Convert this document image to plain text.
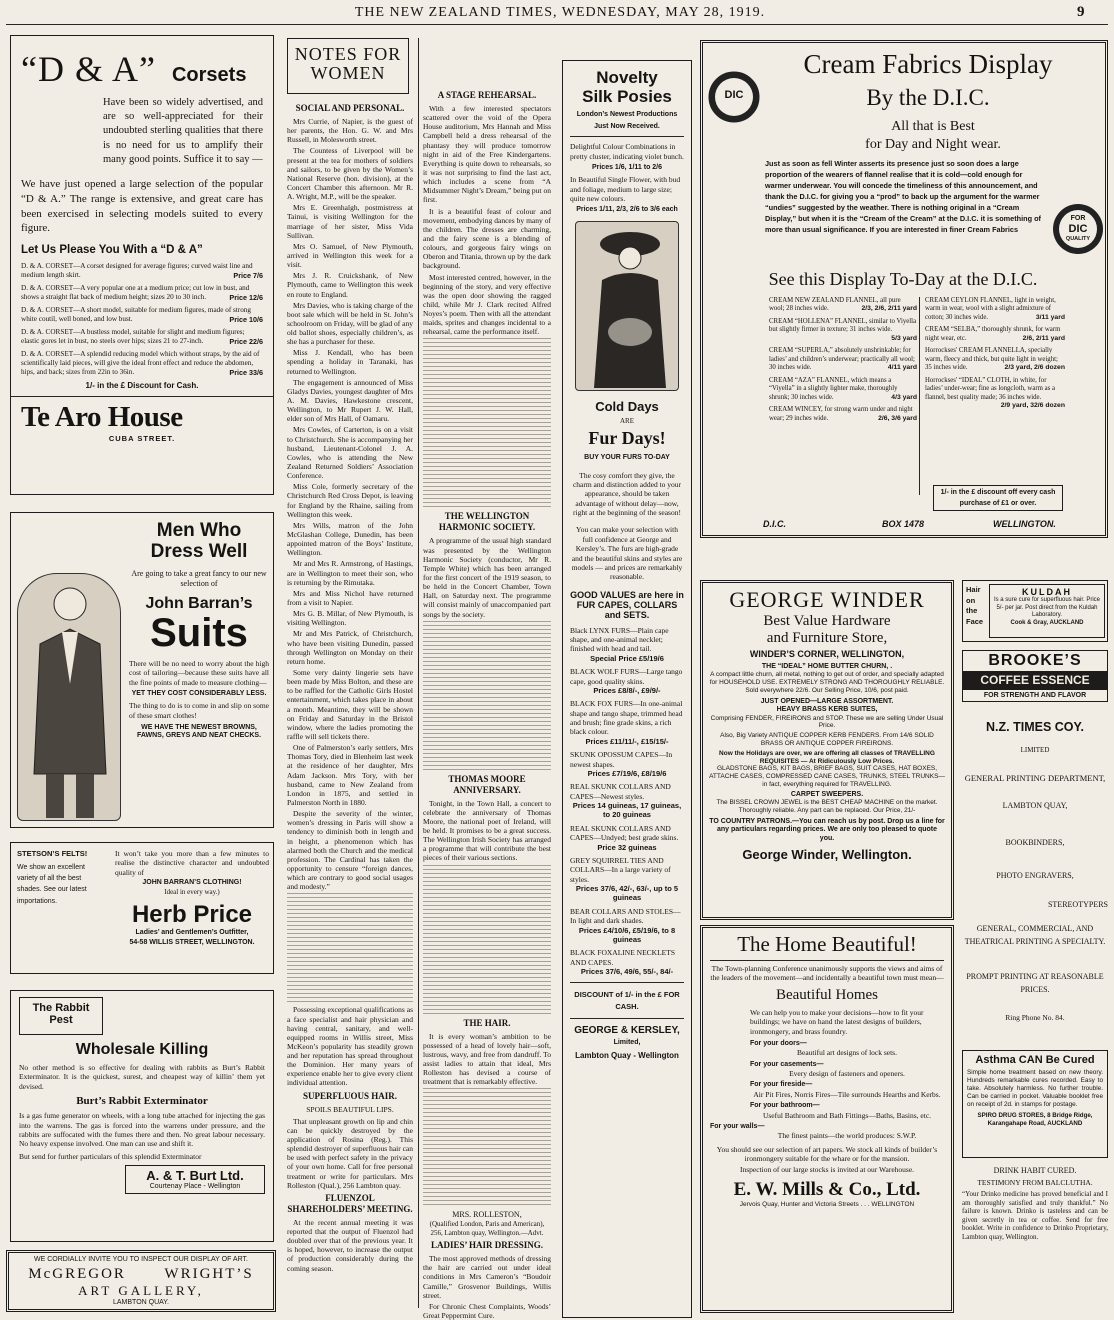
THE NEW ZEALAND TIMES, WEDNESDAY, MAY 28, 1919.	9
“D & A” Corsets
Have been so widely advertised, and are so well-appreciated for their undoubted sterling qualities that there is no need for us to amplify their many good points. Suffice it to say —
We have just opened a large selection of the popular “D & A.” The range is extensive, and great care has been exercised in selecting models suited to every figure.
Let Us Please You With a “D & A”
D. & A. CORSET—A corset designed for average figures; curved waist line and medium length skirt.	Price 7/6
D. & A. CORSET—A very popular one at a medium price; cut low in bust, and shows a straight flat back of medium height; sizes 20 to 30 inch.	Price 12/6
D. & A. CORSET—A short model, suitable for medium figures, made of strong white coutil, well boned, and low bust.	Price 10/6
D. & A. CORSET—A bustless model, suitable for slight and medium figures; elastic gores let in bust, no steels over hips; sizes 21 to 27-inch.	Price 22/6
D. & A. CORSET—A splendid reducing model which without straps, by the aid of scientifically laid pieces, will give the ideal front effect and reduce the abdomen, hips, and back; sizes from 22in to 36in.	Price 33/6
1/- in the £ Discount for Cash.
Te Aro House
CUBA STREET.
Men Who
Dress Well
Are going to take a great fancy to our new selection of
John Barran’s
Suits
There will be no need to worry about the high cost of tailoring—because these suits have all the fine points of made to measure clothing—
YET THEY COST CONSIDERABLY LESS.
The thing to do is to come in and slip on some of these smart clothes!
WE HAVE THE NEWEST BROWNS, FAWNS, GREYS AND NEAT CHECKS.
STETSON’S FELTS!
We show an excellent variety of all the best shades. See our latest importations.
It won’t take you more than a few minutes to realise the distinctive character and undoubted quality of
JOHN BARRAN’S CLOTHING!
Ideal in every way.)
Herb Price
Ladies’ and Gentlemen’s Outfitter,
54-58 WILLIS STREET, WELLINGTON.
The Rabbit
Pest
Wholesale Killing
No other method is so effective for dealing with rabbits as Burt’s Rabbit Exterminator. It is the quickest, surest, and cheapest way of killin’ them yet devised.
Burt’s Rabbit Exterminator
Is a gas fume generator on wheels, with a long tube attached for injecting the gas into the warrens. The gas is forced into the warrens under pressure, and the rabbits are suffocated with the fumes there and then. No great labour necessary. No heavy expense involved. One man can use and shift it.
But send for further particulars of this splendid Exterminator
A. & T. Burt Ltd.
Courtenay Place - Wellington
WE CORDIALLY INVITE YOU TO INSPECT OUR DISPLAY OF ART.
McGREGOR	WRIGHT’S
ART GALLERY,
LAMBTON QUAY.
NOTES FOR WOMEN
SOCIAL AND PERSONAL.

Mrs Currie, of Napier, is the guest of her parents, the Hon. G. W. and Mrs Russell, in Molesworth street.

The Countess of Liverpool will be present at the tea for mothers of soldiers and sailors, to be given by the Women’s National Reserve (hon. division), at the Concert Chamber this afternoon. Mr R. A. Wright, M.P., will be the speaker.

Mrs E. Greenhalgh, postmistress at Tainui, is visiting Wellington for the marriage of her sister, Miss Vida Sullivan.

Mrs O. Samuel, of New Plymouth, arrived in Wellington this week for a visit.

Mrs J. R. Cruickshank, of New Plymouth, came to Wellington this week en route to England.

Mrs Davies, who is taking charge of the boot sale which will be held in St. John’s schoolroom on Friday, will be glad of any old ballot shoes, especially children’s, as she has a purchaser for these.

Miss J. Kendall, who has been spending a holiday in Taranaki, has returned to Wellington.

The engagement is announced of Miss Gladys Davies, youngest daughter of Mrs A. M. Davies, Hawkestone crescent, Wellington, to Mr Rupert J. W. Hall, elder son of Mrs Hall, of Oamaru.

Mrs Cowles, of Carterton, is on a visit to Christchurch. She is accompanying her husband, Lieutenant-Colonel J. A. Cowles, who is attending the New Zealand Returned Soldiers’ Association Conference.

Miss Cole, formerly secretary of the Christchurch Red Cross Depot, is leaving for England by the Rhaine, sailing from Wellington this week.

Mrs Wills, matron of the John McGlashan College, Dunedin, has been appointed matron of the Boys’ Institute, Wellington.

Mr and Mrs R. Armstrong, of Hastings, are in Wellington to meet their son, who is returning by the Rimutaka.

Mrs and Miss Nichol have returned from a visit to Napier.

Mrs G. B. Millar, of New Plymouth, is visiting Wellington.

Mr and Mrs Patrick, of Christchurch, who have been visiting Dunedin, passed through Wellington on Monday on their return home.

Some very dainty lingerie sets have been made by Miss Bolton, and these are to be raffled for the Catholic Girls Hostel entertainment, which takes place in about a month. Meantime, they will be shown on Friday and Saturday in the Bristol window, where the ladies promoting the raffle will sell tickets there.

One of Palmerston’s early settlers, Mrs Thomas Tory, died in Blenheim last week at the residence of her daughter, Mrs Adam Jackson. Mrs Tory, with her husband, came to New Zealand from London in 1875, and settled in Palmerston North in 1880.

Despite the severity of the winter, women’s dressing in Paris will show a tendency to diminish both in length and in height, a phenomenon which has alarmed both the Church and the medical profession. The Cardinal has taken the opportunity to censure “foreign dances, which are contrary to good social usages and modesty.”

Possessing exceptional qualifications as a face specialist and hair physician and having central, sanitary, and well-equipped rooms in Willis street, Miss McKeon’s popularity has steadily grown and her reputation has spread throughout the Dominion. Her many years of experience enable her to give every client individual attention.

SUPERFLUOUS HAIR.
SPOILS BEAUTIFUL LIPS.

That unpleasant growth on lip and chin can be quickly destroyed by the application of Rosina (Reg.). This splendid destroyer of superfluous hair can be used with perfect safety in the privacy of your own home. Call for free personal treatment or write for particulars. Mrs Rolleston (Qual.), 256 Lambton quay.

FLUENZOL SHAREHOLDERS’ MEETING.

At the recent annual meeting it was reported that the output of Fluenzol had doubled over that of the previous year. It is hoped, however, to increase the output of production considerably during the coming season.

A STAGE REHEARSAL.

With a few interested spectators scattered over the void of the Opera House auditorium, Mrs Hannah and Miss Campbell held a dress rehearsal of the phantasy they will produce tomorrow night in aid of the Free Kindergartens. Everything is quite down to rehearsals, so it was not surprising to find the last act, which includes a scene from “A Midsummer Night’s Dream,” being put on first.

It is a beautiful feast of colour and movement, embodying dances by many of the children. The dresses are charming, and the fairy scene is a blending of colours, and gorgeous fairy wings on Oberon and Titania, thrown up by the dark background.

Most interested centred, however, in the beginning of the story, and very effective was the open door showing the ragged child, while Mr J. Clark recited Alfred Noyes’s poem. Then with all the attendant maids, sprites and changes incidental to a rehearsal, came the performance itself.

THE WELLINGTON HARMONIC SOCIETY.

A programme of the usual high standard was presented by the Wellington Harmonic Society (conductor, Mr R. Temple White) which has been arranged for the first concert of the 1919 season, to be held in the Concert Chamber, Town Hall, on Saturday next. The programme will consist mainly of unaccompanied part songs by the society.

THOMAS MOORE ANNIVERSARY.

Tonight, in the Town Hall, a concert to celebrate the anniversary of Thomas Moore, the national poet of Ireland, will be held. It promises to be a great success. The Wellington Irish Society has arranged a programme that will contribute the best pieces of their various sections.

THE HAIR.

It is every woman’s ambition to be possessed of a head of lovely hair—soft, lustrous, wavy, and free from dandruff. To assist ladies to attain that ideal, Mrs Rolleston has devised a course of treatment that is remarkably effective.

MRS. ROLLESTON,
(Qualified London, Paris and American), 256, Lambton quay, Wellington.—Advt.
LADIES’ HAIR DRESSING.

The most approved methods of dressing the hair are carried out under ideal conditions in Mrs Cameron’s “Boudoir Camille,” Grosvenor Buildings, Willis street.

For Chronic Chest Complaints, Woods’ Great Peppermint Cure.

Novelty
Silk Posies
London’s Newest Productions
Just Now Received.
Delightful Colour Combinations in pretty cluster, indicating violet bunch.
Prices 1/6, 1/11 to 2/6
In Beautiful Single Flower, with bud and foliage, medium to large size; quite new colours.
Prices 1/11, 2/3, 2/6 to 3/6 each
Cold Days
ARE
Fur Days!
BUY YOUR FURS TO-DAY
The cosy comfort they give, the charm and distinction added to your appearance, should be taken advantage of without delay—now, right at the beginning of the season!
You can make your selection with full confidence at George and Kersley’s. The furs are high-grade and the beautiful skins and styles are models — and prices are remarkably reasonable.
GOOD VALUES are here in FUR CAPES, COLLARS and SETS.
Black LYNX FURS—Plain cape shape, and one-animal necklet; finished with head and tail.
Special Price £5/19/6
BLACK WOLF FURS—Large tango cape, good quality skins.
Prices £8/8/-, £9/9/-
BLACK FOX FURS—In one-animal shape and tango shape, trimmed head and brush; fine grade skins, a rich black colour.
Prices £11/11/-, £15/15/-
SKUNK OPOSSUM CAPES—In newest shapes.
Prices £7/19/6, £8/19/6
REAL SKUNK COLLARS AND CAPES—Newest styles.
Prices 14 guineas, 17 guineas, to 20 guineas
REAL SKUNK COLLARS AND CAPES—Undyed; best grade skins.
Price 32 guineas
GREY SQUIRREL TIES AND COLLARS—In a large variety of styles.
Prices 37/6, 42/-, 63/-, up to 5 guineas
BEAR COLLARS AND STOLES—In light and dark shades.
Prices £4/10/6, £5/19/6, to 8 guineas
BLACK FOXALINE NECKLETS AND CAPES.
Prices 37/6, 49/6, 55/-, 84/-
DISCOUNT of 1/- in the £ FOR CASH.
GEORGE & KERSLEY,
Limited,
Lambton Quay - Wellington
DIC
Cream Fabrics Display
By the D.I.C.
All that is Best
for Day and Night wear.
Just as soon as fell Winter asserts its presence just so soon does a large proportion of the wearers of flannel realise that it is cold—cold enough for warmer underwear. You will concede the timeliness of this announcement, and thank the D.I.C. for giving you a “prod” to back up the argument for the warmer “undies” suggested by the weather. There is nothing original in a “Cream Display,” but when it is the “Cream of the Cream” at the D.I.C. it is something of more than usual significance. If you are interested in finer Cream Fabrics
FOR
DIC
QUALITY
See this Display To-Day at the D.I.C.
CREAM NEW ZEALAND FLANNEL, all pure wool; 28 inches wide.	2/3, 2/6, 2/11 yard
CREAM “HOLLENA” FLANNEL, similar to Viyella but slightly firmer in texture; 31 inches wide.
5/3 yard
CREAM “SUPERLA,” absolutely unshrinkable; for ladies’ and children’s underwear; practically all wool; 30 inches wide.	4/11 yard
CREAM “AZA” FLANNEL, which means a “Viyella” in a slightly lighter make, thoroughly shrunk; 30 inches wide.	4/3 yard
CREAM WINCEY, for strong warm under and night wear; 29 inches wide.	2/6, 3/6 yard
CREAM CEYLON FLANNEL, light in weight, warm in wear, wool with a slight admixture of cotton; 30 inches wide.	3/11 yard
CREAM “SELBA,” thoroughly shrunk, for warm night wear, etc.	2/6, 2/11 yard
Horrockses' CREAM FLANNELLA, specially warm, fleecy and thick, but quite light in weight; 35 inches wide.	2/3 yard, 2/6 dozen
Horrockses' “IDEAL” CLOTH, in white, for ladies’ under-wear; fine as longcloth, warm as a flannel, best quality made; 36 inches wide.
2/9 yard, 32/6 dozen
1/- in the £ discount off every cash purchase of £1 or over.
D.I.C.	BOX 1478	WELLINGTON.
GEORGE WINDER
Best Value Hardware
and Furniture Store,
WINDER’S CORNER, WELLINGTON,
THE “IDEAL” HOME BUTTER CHURN, .
A compact little churn, all metal, nothing to get out of order, and specially adapted for HOUSEHOLD USE. EXTREMELY STRONG AND THOROUGHLY RELIABLE. Sold everywhere 22/6. Our Selling Price, 10/6, post paid.
JUST OPENED—LARGE ASSORTMENT.
HEAVY BRASS KERB SUITES,
Comprising FENDER, FIREIRONS and STOP. These we are selling Under Usual Price.
Also, Big Variety ANTIQUE COPPER KERB FENDERS. From 14/6 SOLID BRASS OR ANTIQUE COPPER FIREIRONS.
Now the Holidays are over, we are offering all classes of TRAVELLING REQUISITES — At Ridiculously Low Prices.
GLADSTONE BAGS, KIT BAGS, BRIEF BAGS, SUIT CASES, HAT BOXES, ATTACHE CASES, COMPRESSED CANE CASES, TRUNKS, STEEL TRUNKS—in fact, everything required for TRAVELLING.
CARPET SWEEPERS.
The BISSEL CROWN JEWEL is the BEST CHEAP MACHINE on the market. Thoroughly reliable. Any part can be replaced. Our Price, 21/-
TO COUNTRY PATRONS.—You can reach us by post. Drop us a line for any particulars regarding prices. We are only too pleased to quote you.
George Winder, Wellington.
The Home Beautiful!
The Town-planning Conference unanimously supports the views and aims of the leaders of the movement—and incidentally a beautiful town must mean—
Beautiful Homes
We can help you to make your decisions—how to fit your buildings; we have on hand the latest designs of builders, ironmongery, and brass foundry.
For your doors—
Beautiful art designs of lock sets.
For your casements—
Every design of fasteners and openers.
For your fireside—
Air Pit Fires, Norris Fires—Tile surrounds Hearths and Kerbs.
For your bathroom—
Useful Bathroom and Bath Fittings—Baths, Basins, etc.
For your walls—
The finest paints—the world produces: S.W.P.
You should see our selection of art papers. We stock all kinds of builder’s ironmongery suitable for the whare or for the mansion.
Inspection of our large stocks is invited at our Warehouse.
E. W. Mills & Co., Ltd.
Jervois Quay, Hunter and Victoria Streets . . . WELLINGTON
Hair on the Face
KULDAH
Is a sure cure for superfluous hair. Price 5/- per jar. Post direct from the Kuldah Laboratory.
Cook & Gray, AUCKLAND
BROOKE’S
COFFEE ESSENCE
FOR STRENGTH AND FLAVOR
N.Z. TIMES COY.
LIMITED
GENERAL PRINTING DEPARTMENT,
LAMBTON QUAY,
BOOKBINDERS,
PHOTO ENGRAVERS,
STEREOTYPERS
GENERAL, COMMERCIAL, AND THEATRICAL PRINTING A SPECIALTY.
PROMPT PRINTING AT REASONABLE PRICES.
Ring Phone No. 84.
Asthma CAN Be Cured
Simple home treatment based on new theory. Hundreds remarkable cures recorded. Easy to take. Absolutely harmless. No further trouble. Can be carried in pocket. Valuable booklet free on receipt of 2d. in stamps for postage.
SPIRO DRUG STORES, 8 Bridge Ridge, Karangahape Road, AUCKLAND
DRINK HABIT CURED.
TESTIMONY FROM BALCLUTHA.
“Your Drinko medicine has proved beneficial and I am thoroughly satisfied and truly thankful.” No failure is known. Drinko is tasteless and can be given secretly in tea or coffee. Send for free booklet. Write in confidence to Drinko Proprietary, Lambton quay, Wellington.
